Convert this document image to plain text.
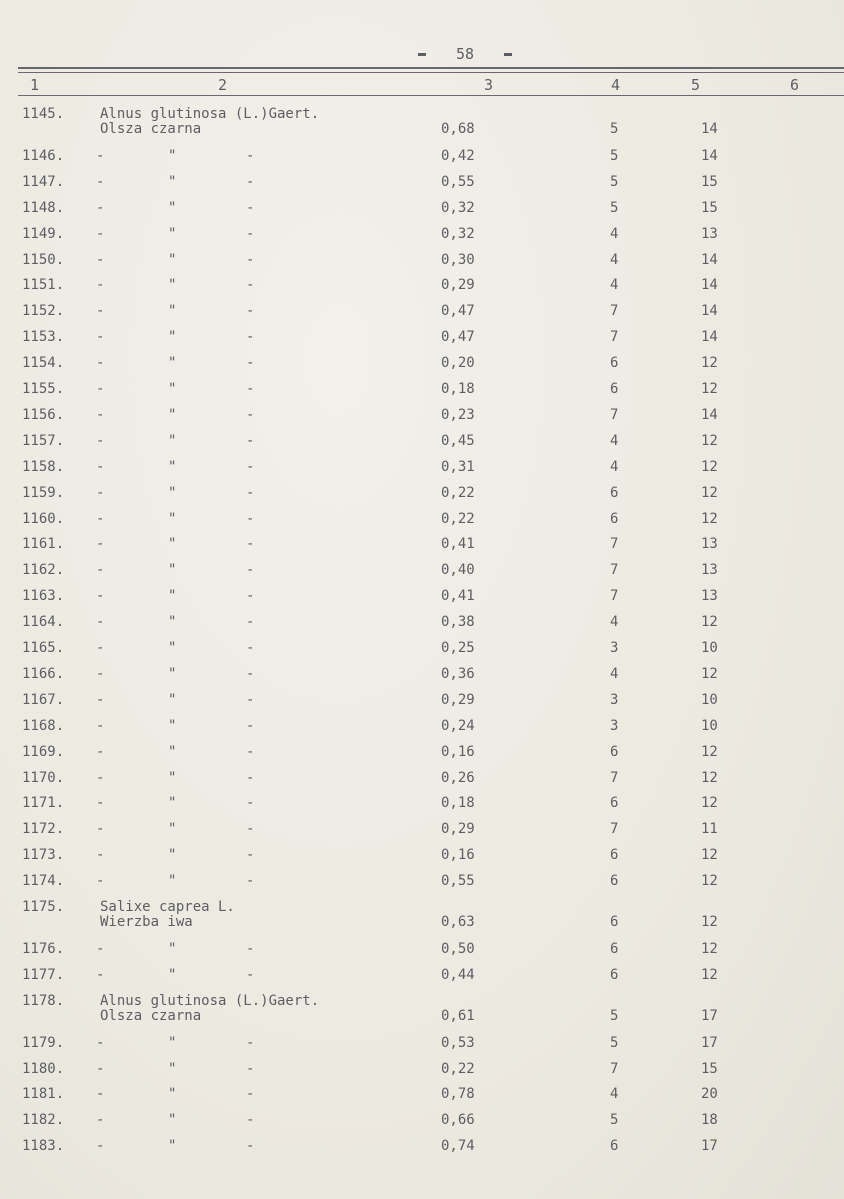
58
1	2	3	4	5	6
1145.	Alnus glutinosa (L.)Gaert.
Olsza czarna	0,68	5	14
1146. -	"	-	0,42	5	14
1147. -	"	-	0,55	5	15
1148. -	"	-	0,32	5	15
1149. -	"	-	0,32	4	13
1150. -	"	-	0,30	4	14
1151. -	"	-	0,29	4	14
1152. -	"	-	0,47	7	14
1153. -	"	-	0,47	7	14
1154. -	"	-	0,20	6	12
1155. -	"	-	0,18	6	12
1156. -	"	-	0,23	7	14
1157. -	"	-	0,45	4	12
1158. -	"	-	0,31	4	12
1159. -	"	-	0,22	6	12
1160. -	"	-	0,22	6	12
1161. -	"	-	0,41	7	13
1162. -	"	-	0,40	7	13
1163. -	"	-	0,41	7	13
1164. -	"	-	0,38	4	12
1165. -	"	-	0,25	3	10
1166. -	"	-	0,36	4	12
1167. -	"	-	0,29	3	10
1168. -	"	-	0,24	3	10
1169. -	"	-	0,16	6	12
1170. -	"	-	0,26	7	12
1171. -	"	-	0,18	6	12
1172. -	"	-	0,29	7	11
1173. -	"	-	0,16	6	12
1174. -	"	-	0,55	6	12
1175.	Salixe caprea L.
Wierzba iwa	0,63	6	12
1176. -	"	-	0,50	6	12
1177. -	"	-	0,44	6	12
1178.	Alnus glutinosa (L.)Gaert.
Olsza czarna	0,61	5	17
1179. -	"	-	0,53	5	17
1180. -	"	-	0,22	7	15
1181. -	"	-	0,78	4	20
1182. -	"	-	0,66	5	18
1183. -	"	-	0,74	6	17
